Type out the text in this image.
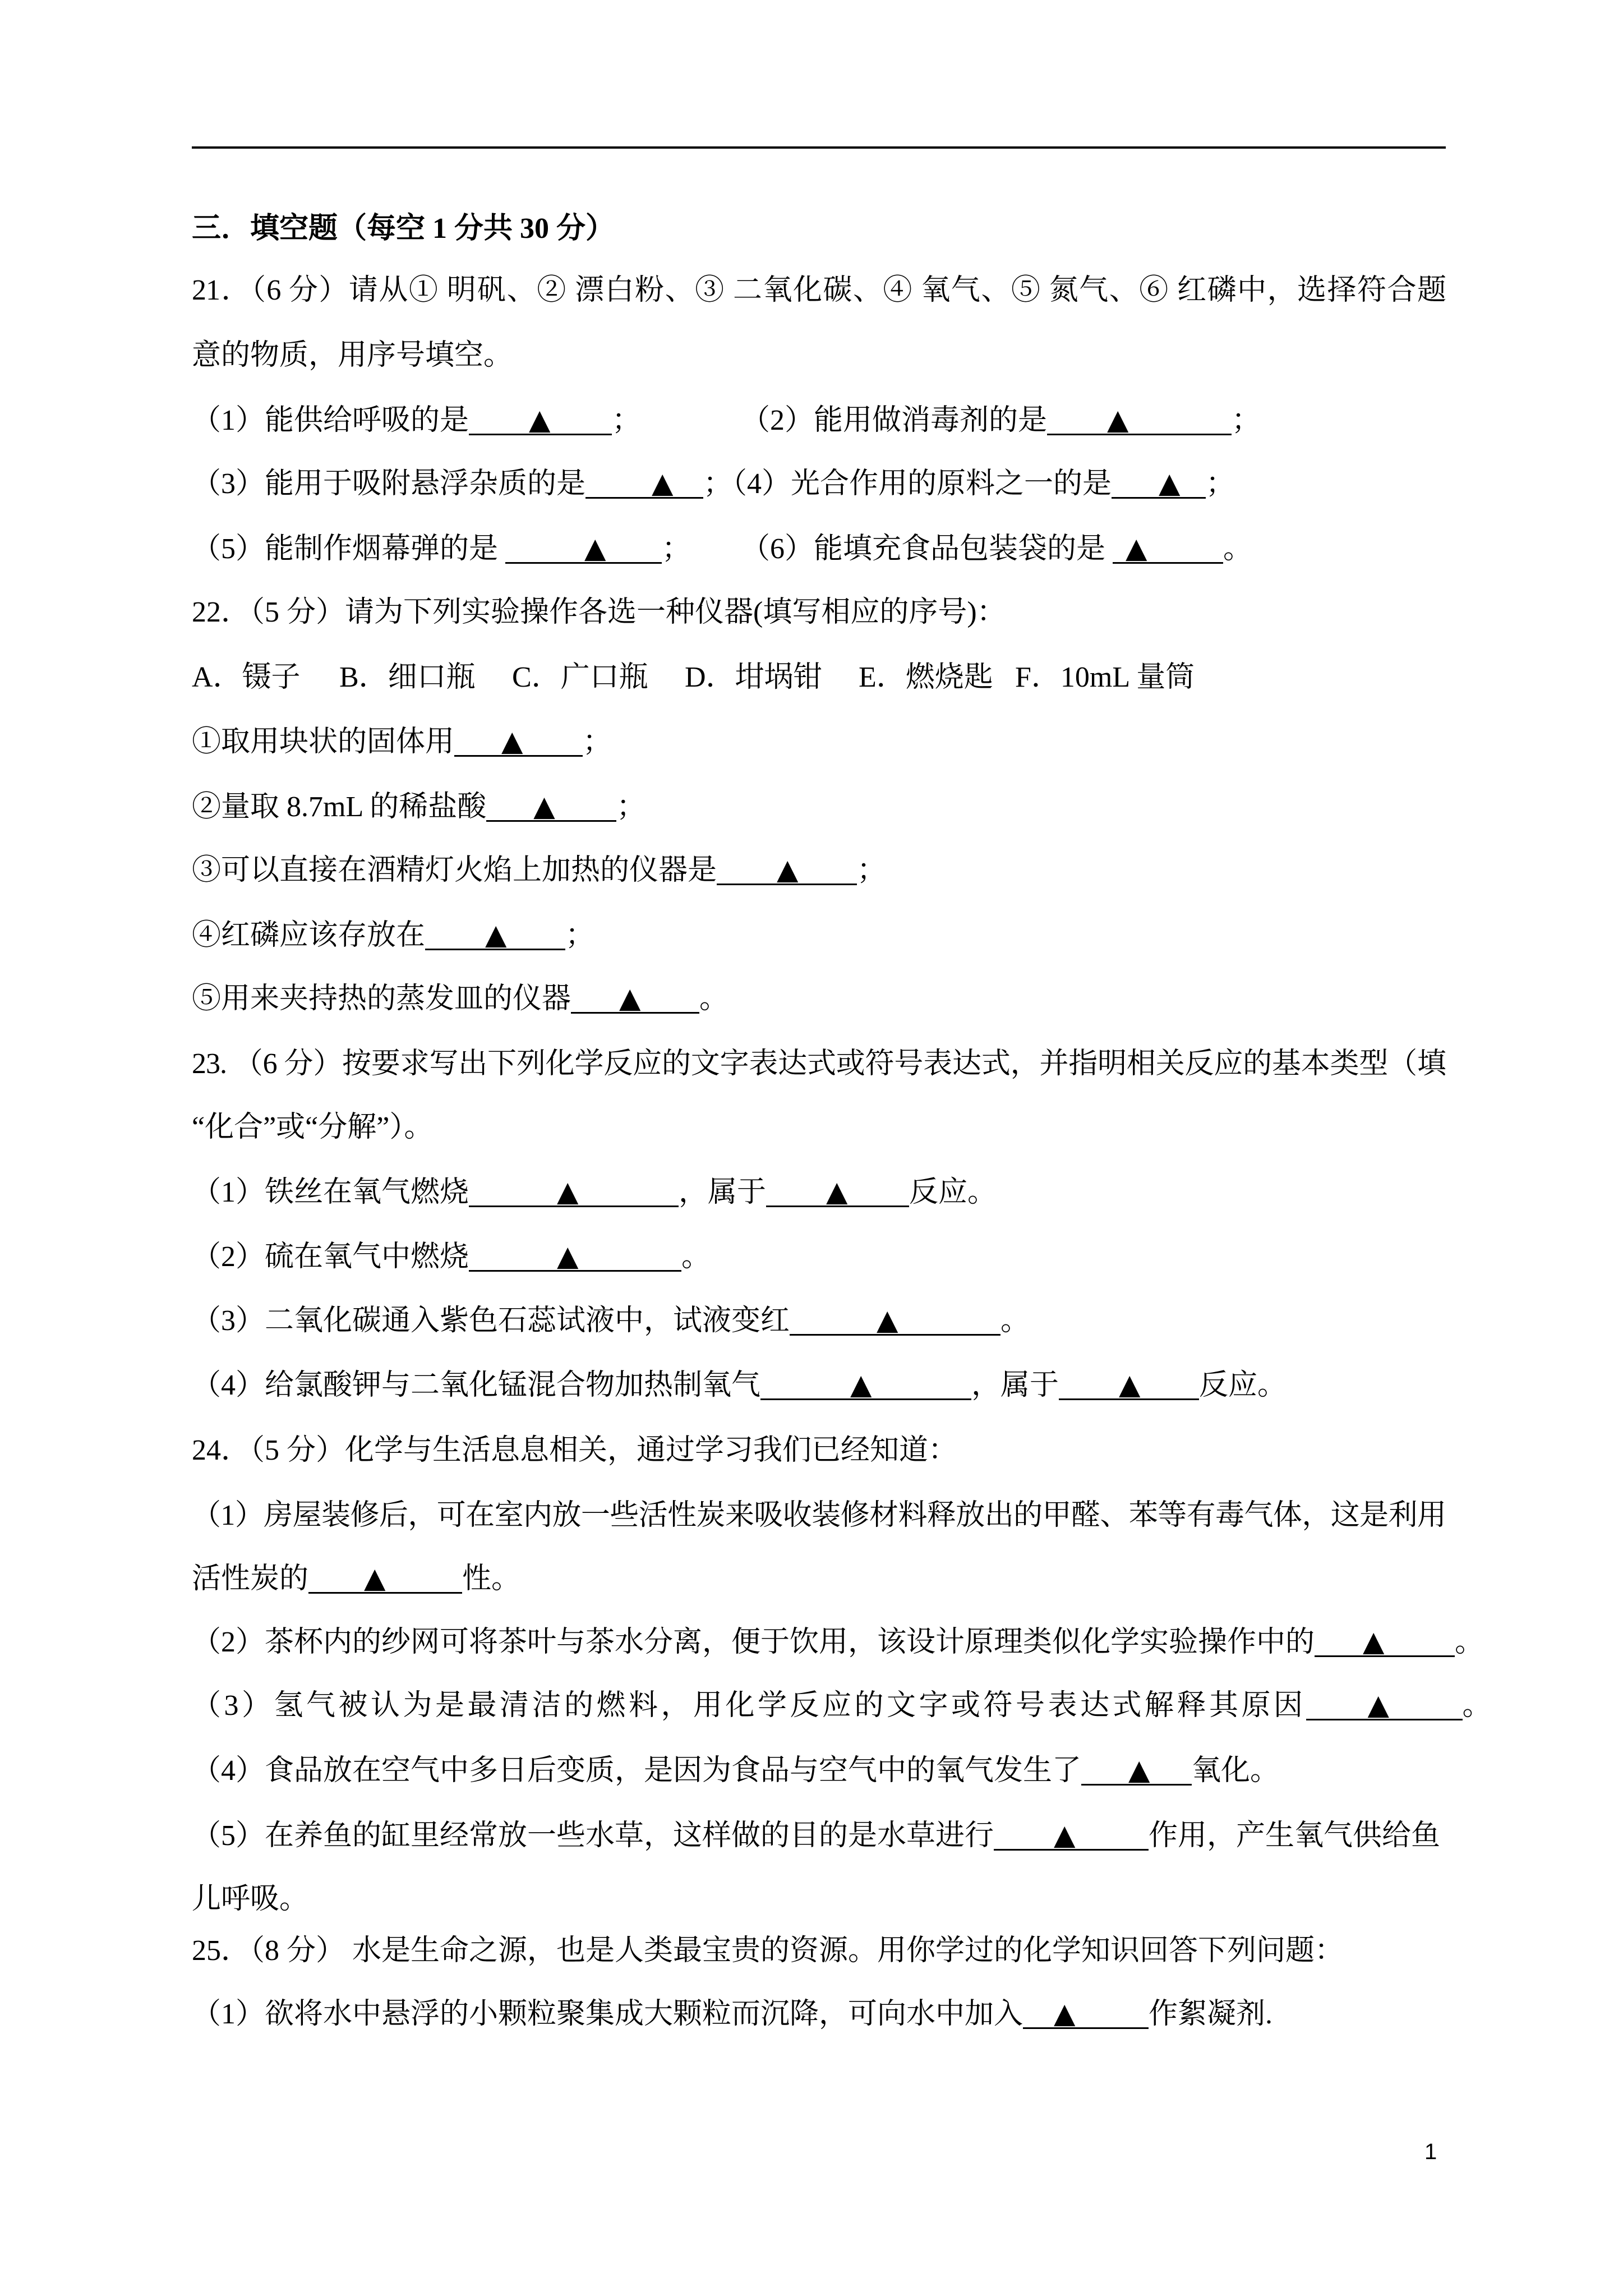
三．填空题（每空 1 分共 30 分）
21．（6 分）请从① 明矾、② 漂白粉、③ 二氧化碳、④ 氧气、⑤ 氮气、⑥ 红磷中，选择符合题
意的物质，用序号填空。
（1）能供给呼吸的是 ▲ ；	（2）能用做消毒剂的是 ▲	；
（3）能用于吸附悬浮杂质的是 ▲ ；（4）光合作用的原料之一的是 ▲ ；
（5）能制作烟幕弹的是	▲ ； （6）能填充食品包装袋的是 ▲	。
22．（5 分）请为下列实验操作各选一种仪器(填写相应的序号)：
A．镊子 B．细口瓶 C．广口瓶 D．坩埚钳 E．燃烧匙 F．10mL 量筒
①取用块状的固体用 ▲ ；
②量取 8.7mL 的稀盐酸 ▲ ；
③可以直接在酒精灯火焰上加热的仪器是 ▲ ；
④红磷应该存放在 ▲ ；
⑤用来夹持热的蒸发皿的仪器 ▲ 。
23. （6 分）按要求写出下列化学反应的文字表达式或符号表达式，并指明相关反应的基本类型（填
“化合”或“分解”）。
（1）铁丝在氧气燃烧	▲	，属于 ▲ 反应。
（2）硫在氧气中燃烧	▲	。
（3）二氧化碳通入紫色石蕊试液中，试液变红	▲	。
（4）给氯酸钾与二氧化锰混合物加热制氧气	▲	，属于 ▲ 反应。
24．（5 分）化学与生活息息相关，通过学习我们已经知道：
（1）房屋装修后，可在室内放一些活性炭来吸收装修材料释放出的甲醛、苯等有毒气体，这是利用
活性炭的 ▲	性。
（2）茶杯内的纱网可将茶叶与茶水分离，便于饮用，该设计原理类似化学实验操作中的 ▲ 。
（3）氢气被认为是最清洁的燃料，用化学反应的文字或符号表达式解释其原因 ▲	。
（4）食品放在空气中多日后变质，是因为食品与空气中的氧气发生了 ▲ 氧化。
（5）在养鱼的缸里经常放一些水草，这样做的目的是水草进行 ▲	作用，产生氧气供给鱼
儿呼吸。
25．（8 分） 水是生命之源，也是人类最宝贵的资源。用你学过的化学知识回答下列问题：
（1）欲将水中悬浮的小颗粒聚集成大颗粒而沉降，可向水中加入 ▲	作絮凝剂.
1
